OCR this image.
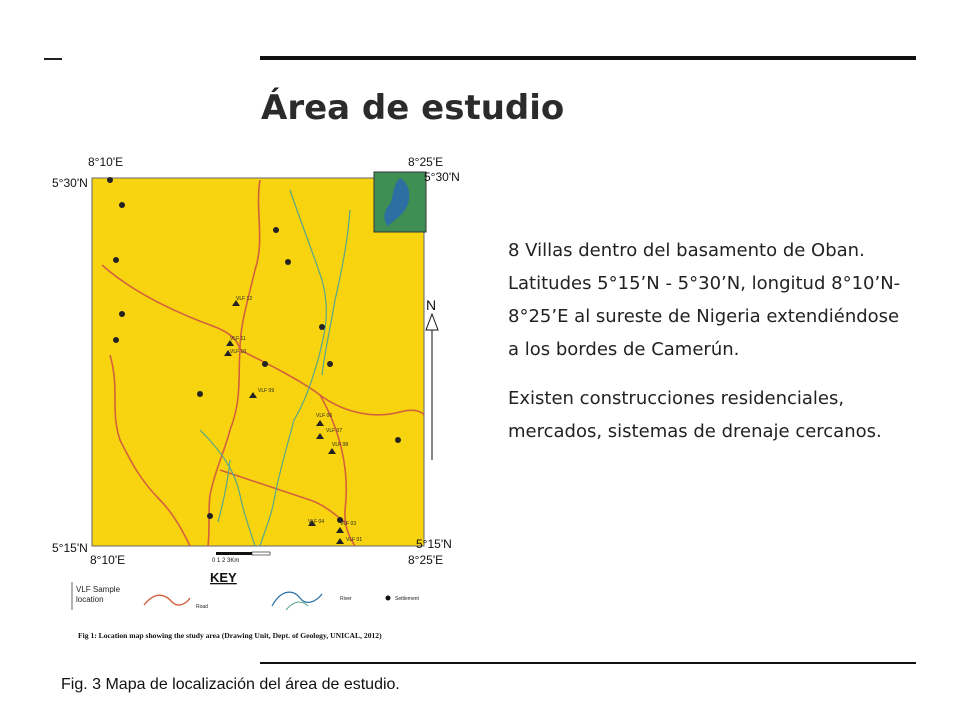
Área de estudio
VLF 12
VLF 11
VLF 10
VLF 09
VLF 06
VLF 07
VLF 08
VLF 04	VLF 03
VLF 01
8°10'E
5°30'N
8°25'E
5°30'N
5°15'N
8°10'E
5°15'N
8°25'E
N
0 1 2 3Km
KEY
VLF Sample
location
Road
River	Settlement
Fig 1: Location map showing the study area (Drawing Unit, Dept. of Geology, UNICAL, 2012)

8 Villas dentro del basamento de Oban. Latitudes 5°15’N - 5°30’N, longitud 8°10’N-8°25’E al sureste de Nigeria extendiéndose a los bordes de Camerún.

Existen construcciones residenciales, mercados, sistemas de drenaje cercanos.

Fig. 3 Mapa de localización del área de estudio.
